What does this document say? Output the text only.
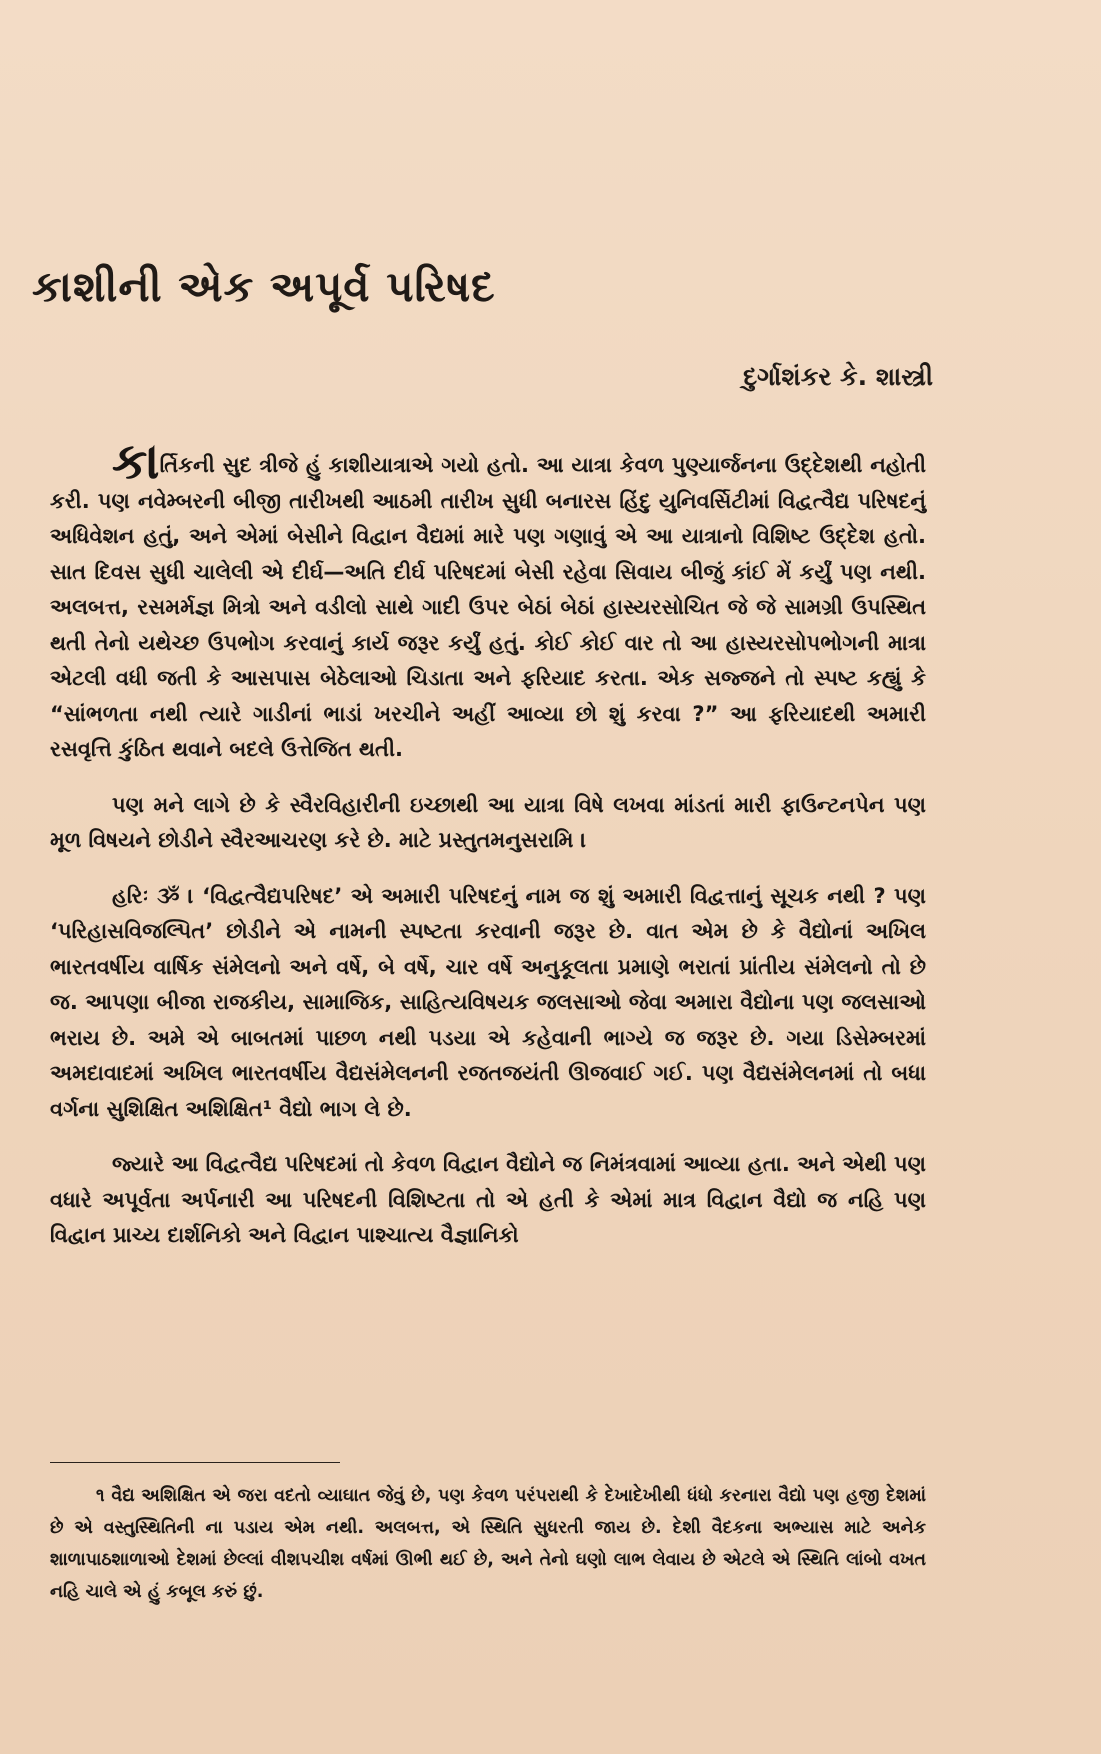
કાશીની એક અપૂર્વ પરિષદ

દુર્ગાશંકર કે. શાસ્ત્રી

કાર્તિકની સુદ ત્રીજે હું કાશીયાત્રાએ ગયો હતો. આ યાત્રા કેવળ પુણ્યાર્જનના ઉદ્દેશથી નહોતી કરી. પણ નવેમ્બરની બીજી તારીખથી આઠમી તારીખ સુધી બનારસ હિંદુ યુનિવર્સિટીમાં વિદ્વત્વૈદ્ય પરિષદનું અધિવેશન હતું, અને એમાં બેસીને વિદ્વાન વૈદ્યમાં મારે પણ ગણાવું એ આ યાત્રાનો વિશિષ્ટ ઉદ્દેશ હતો. સાત દિવસ સુધી ચાલેલી એ દીર્ઘ—અતિ દીર્ઘ પરિષદમાં બેસી રહેવા સિવાય બીજું કાંઈ મેં કર્યું પણ નથી. અલબત્ત, રસમર્મજ્ઞ મિત્રો અને વડીલો સાથે ગાદી ઉપર બેઠાં બેઠાં હાસ્યરસોચિત જે જે સામગ્રી ઉપસ્થિત થતી તેનો યથેચ્છ ઉપભોગ કરવાનું કાર્ય જરૂર કર્યું હતું. કોઈ કોઈ વાર તો આ હાસ્યરસોપભોગની માત્રા એટલી વધી જતી કે આસપાસ બેઠેલાઓ ચિડાતા અને ફરિયાદ કરતા. એક સજ્જને તો સ્પષ્ટ કહ્યું કે “સાંભળતા નથી ત્યારે ગાડીનાં ભાડાં ખરચીને અહીં આવ્યા છો શું કરવા ?” આ ફરિયાદથી અમારી રસવૃત્તિ કુંઠિત થવાને બદલે ઉત્તેજિત થતી.

પણ મને લાગે છે કે સ્વૈરવિહારીની ઇચ્છાથી આ યાત્રા વિષે લખવા માંડતાં મારી ફાઉન્ટનપેન પણ મૂળ વિષયને છોડીને સ્વૈરઆચરણ કરે છે. માટે પ્રસ્તુતમનુસરામિ ।

હરિઃ ૐ । ‘વિદ્વત્વૈદ્યપરિષદ’ એ અમારી પરિષદનું નામ જ શું અમારી વિદ્વત્તાનું સૂચક નથી ? પણ ‘પરિહાસવિજલ્પિત’ છોડીને એ નામની સ્પષ્ટતા કરવાની જરૂર છે. વાત એમ છે કે વૈદ્યોનાં અખિલ ભારતવર્ષીય વાર્ષિક સંમેલનો અને વર્ષે, બે વર્ષે, ચાર વર્ષે અનુકૂલતા પ્રમાણે ભરાતાં પ્રાંતીય સંમેલનો તો છે જ. આપણા બીજા રાજકીય, સામાજિક, સાહિત્યવિષયક જલસાઓ જેવા અમારા વૈદ્યોના પણ જલસાઓ ભરાય છે. અમે એ બાબતમાં પાછળ નથી પડયા એ કહેવાની ભાગ્યે જ જરૂર છે. ગયા ડિસેમ્બરમાં અમદાવાદમાં અખિલ ભારતવર્ષીય વૈદ્યસંમેલનની રજતજયંતી ઊજવાઈ ગઈ. પણ વૈદ્યસંમેલનમાં તો બધા વર્ગના સુશિક્ષિત અશિક્ષિત¹ વૈદ્યો ભાગ લે છે.

જ્યારે આ વિદ્વત્વૈદ્ય પરિષદમાં તો કેવળ વિદ્વાન વૈદ્યોને જ નિમંત્રવામાં આવ્યા હતા. અને એથી પણ વધારે અપૂર્વતા અર્પનારી આ પરિષદની વિશિષ્ટતા તો એ હતી કે એમાં માત્ર વિદ્વાન વૈદ્યો જ નહિ પણ વિદ્વાન પ્રાચ્ય દાર્શનિકો અને વિદ્વાન પાશ્ચાત્ય વૈજ્ઞાનિકો

૧ વૈદ્ય અશિક્ષિત એ જરા વદતો વ્યાઘાત જેવું છે, પણ કેવળ પરંપરાથી કે દેખાદેખીથી ધંધો કરનારા વૈદ્યો પણ હજી દેશમાં છે એ વસ્તુસ્થિતિની ના પડાય એમ નથી. અલબત્ત, એ સ્થિતિ સુધરતી જાય છે. દેશી વૈદકના અભ્યાસ માટે અનેક શાળાપાઠશાળાઓ દેશમાં છેલ્લાં વીશપચીશ વર્ષમાં ઊભી થઈ છે, અને તેનો ઘણો લાભ લેવાય છે એટલે એ સ્થિતિ લાંબો વખત નહિ ચાલે એ હું કબૂલ કરું છું.
